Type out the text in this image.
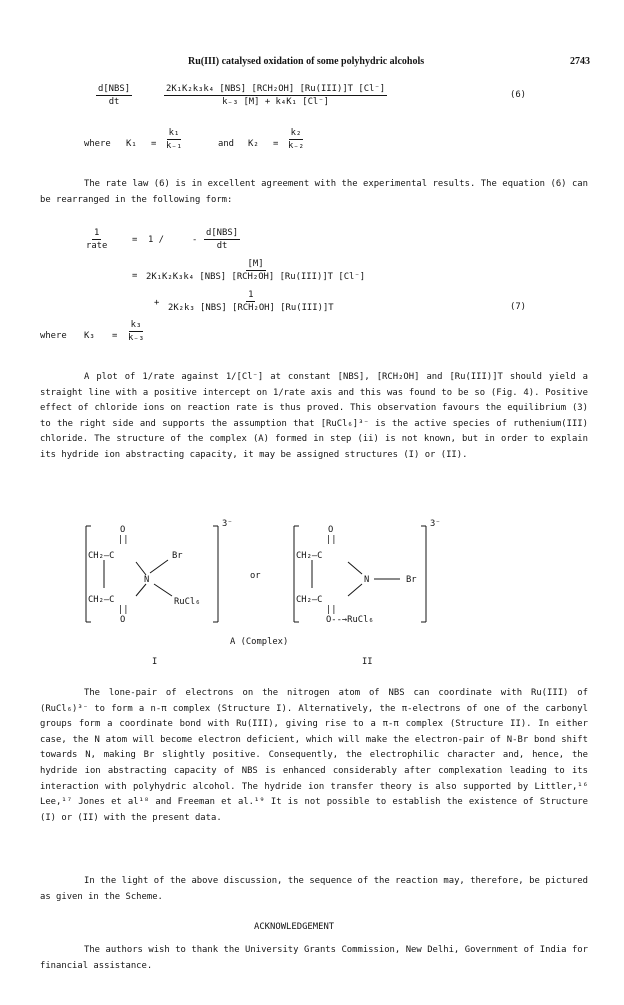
Ru(III) catalysed oxidation of some polyhydric alcohols	2743
d[NBS]
dt
2K₁K₂k₃k₄ [NBS] [RCH₂OH] [Ru(III)]T [Cl⁻]
k₋₃ [M] + k₄K₁ [Cl⁻]
(6)
where $K_1 = \frac{\text{k₁}}{\text{k₋₁}}$	and $K_2 = \frac{\text{k₂}}{\text{k₋₂}}$

The rate law (6) is in excellent agreement with the experimental results. The equation (6) can be rearranged in the following form:

1
rate
= 1 /	-
d[NBS]
dt
=
[M]
2K₁K₂K₃k₄ [NBS] [RCH₂OH] [Ru(III)]T [Cl⁻]
+
1
2K₂k₃ [NBS] [RCH₂OH] [Ru(III)]T	(7)
where $K_3 = \frac{\text{k₃}}{\text{k₋₃}}$

A plot of 1/rate against 1/[Cl⁻] at constant [NBS], [RCH₂OH] and [Ru(III)]T should yield a straight line with a positive intercept on 1/rate axis and this was found to be so (Fig. 4). Positive effect of chloride ions on reaction rate is thus proved. This observation favours the equilibrium (3) to the right side and supports the assumption that [RuCl₆]³⁻ is the active species of ruthenium(III) chloride. The structure of the complex (A) formed in step (ii) is not known, but in order to explain its hydride ion abstracting capacity, it may be assigned structures (I) or (II).

O
||
CH₂—C	Br
N
CH₂—C	RuCl₆
||
O
3⁻
or
O
||
CH₂—C
N	Br
CH₂—C
||
O--→RuCl₆
3⁻
A (Complex)
I	II

The lone-pair of electrons on the nitrogen atom of NBS can coordinate with Ru(III) of (RuCl₆)³⁻ to form a n-π complex (Structure I). Alternatively, the π-electrons of one of the carbonyl groups form a coordinate bond with Ru(III), giving rise to a π-π complex (Structure II). In either case, the N atom will become electron deficient, which will make the electron-pair of N-Br bond shift towards N, making Br slightly positive. Consequently, the electrophilic character and, hence, the hydride ion abstracting capacity of NBS is enhanced considerably after complexation leading to its interaction with polyhydric alcohol. The hydride ion transfer theory is also supported by Littler,¹⁶ Lee,¹⁷ Jones et al¹⁸ and Freeman et al.¹⁹ It is not possible to establish the existence of Structure (I) or (II) with the present data.

In the light of the above discussion, the sequence of the reaction may, therefore, be pictured as given in the Scheme.

ACKNOWLEDGEMENT

The authors wish to thank the University Grants Commission, New Delhi, Government of India for financial assistance.
